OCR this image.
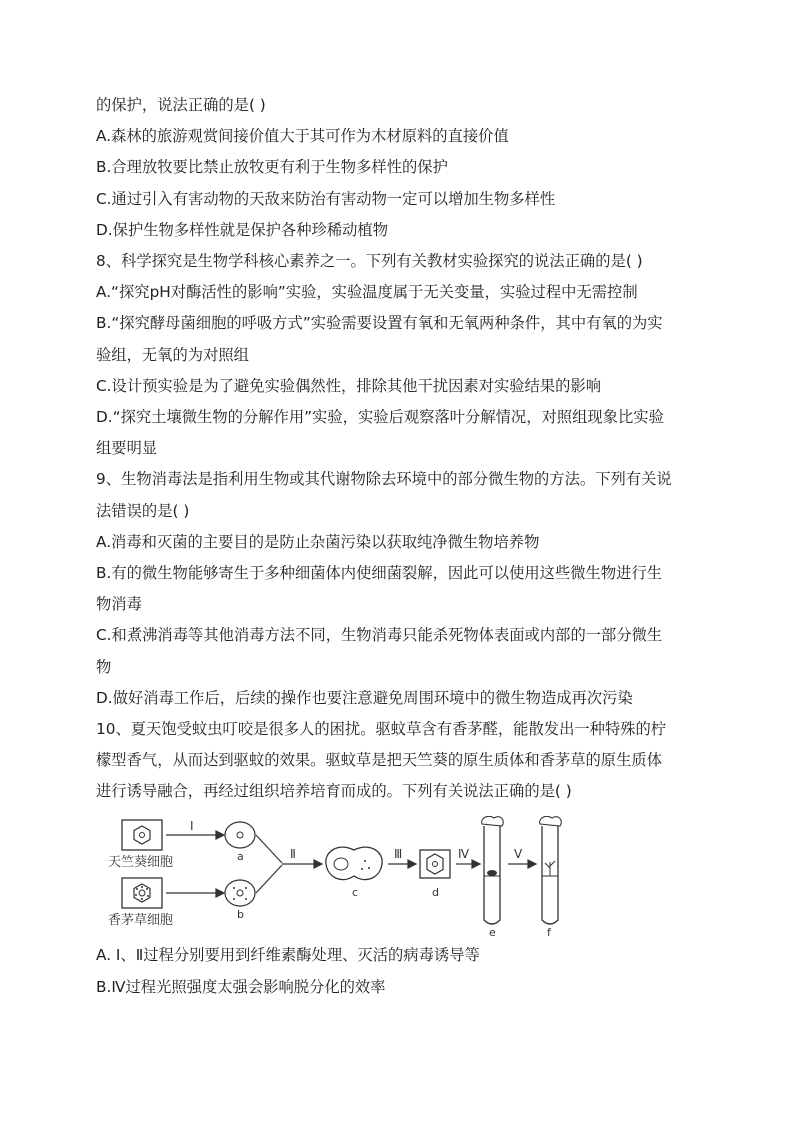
的保护，说法正确的是( )
A.森林的旅游观赏间接价值大于其可作为木材原料的直接价值
B.合理放牧要比禁止放牧更有利于生物多样性的保护
C.通过引入有害动物的天敌来防治有害动物一定可以增加生物多样性
D.保护生物多样性就是保护各种珍稀动植物
8、科学探究是生物学科核心素养之一。下列有关教材实验探究的说法正确的是( )
A.“探究pH对酶活性的影响”实验，实验温度属于无关变量，实验过程中无需控制
B.“探究酵母菌细胞的呼吸方式”实验需要设置有氧和无氧两种条件，其中有氧的为实
验组，无氧的为对照组
C.设计预实验是为了避免实验偶然性，排除其他干扰因素对实验结果的影响
D.“探究土壤微生物的分解作用”实验，实验后观察落叶分解情况，对照组现象比实验
组要明显
9、生物消毒法是指利用生物或其代谢物除去环境中的部分微生物的方法。下列有关说
法错误的是( )
A.消毒和灭菌的主要目的是防止杂菌污染以获取纯净微生物培养物
B.有的微生物能够寄生于多种细菌体内使细菌裂解，因此可以使用这些微生物进行生
物消毒
C.和煮沸消毒等其他消毒方法不同，生物消毒只能杀死物体表面或内部的一部分微生
物
D.做好消毒工作后，后续的操作也要注意避免周围环境中的微生物造成再次污染
10、夏天饱受蚊虫叮咬是很多人的困扰。驱蚊草含有香茅醛，能散发出一种特殊的柠
檬型香气，从而达到驱蚊的效果。驱蚊草是把天竺葵的原生质体和香茅草的原生质体
进行诱导融合，再经过组织培养培育而成的。下列有关说法正确的是( )
天竺葵细胞
香茅草细胞
Ⅰ
a
b
Ⅱ
c
Ⅲ
d
Ⅳ
e
Ⅴ
f
A. Ⅰ、Ⅱ过程分别要用到纤维素酶处理、灭活的病毒诱导等
B.Ⅳ过程光照强度太强会影响脱分化的效率
